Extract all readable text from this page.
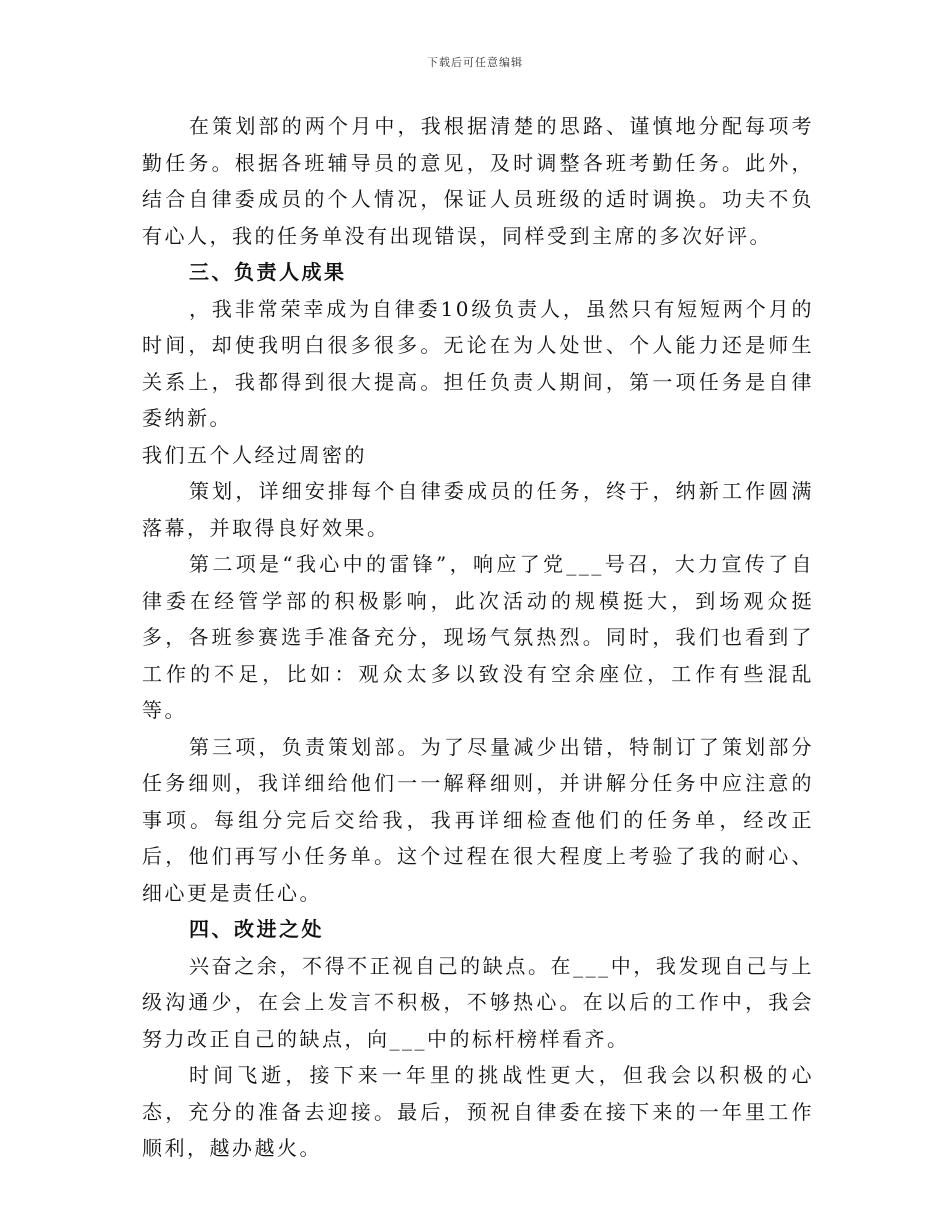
下载后可任意编辑

在策划部的两个月中，我根据清楚的思路、谨慎地分配每项考勤任务。根据各班辅导员的意见，及时调整各班考勤任务。此外，结合自律委成员的个人情况，保证人员班级的适时调换。功夫不负有心人，我的任务单没有出现错误，同样受到主席的多次好评。

三、负责人成果

，我非常荣幸成为自律委10级负责人，虽然只有短短两个月的时间，却使我明白很多很多。无论在为人处世、个人能力还是师生关系上，我都得到很大提高。担任负责人期间，第一项任务是自律委纳新。

我们五个人经过周密的

策划，详细安排每个自律委成员的任务，终于，纳新工作圆满落幕，并取得良好效果。

第二项是“我心中的雷锋”，响应了党___号召，大力宣传了自律委在经管学部的积极影响，此次活动的规模挺大，到场观众挺多，各班参赛选手准备充分，现场气氛热烈。同时，我们也看到了工作的不足，比如：观众太多以致没有空余座位，工作有些混乱等。

第三项，负责策划部。为了尽量减少出错，特制订了策划部分任务细则，我详细给他们一一解释细则，并讲解分任务中应注意的事项。每组分完后交给我，我再详细检查他们的任务单，经改正后，他们再写小任务单。这个过程在很大程度上考验了我的耐心、细心更是责任心。

四、改进之处

兴奋之余，不得不正视自己的缺点。在___中，我发现自己与上级沟通少，在会上发言不积极，不够热心。在以后的工作中，我会努力改正自己的缺点，向___中的标杆榜样看齐。

时间飞逝，接下来一年里的挑战性更大，但我会以积极的心态，充分的准备去迎接。最后，预祝自律委在接下来的一年里工作顺利，越办越火。
